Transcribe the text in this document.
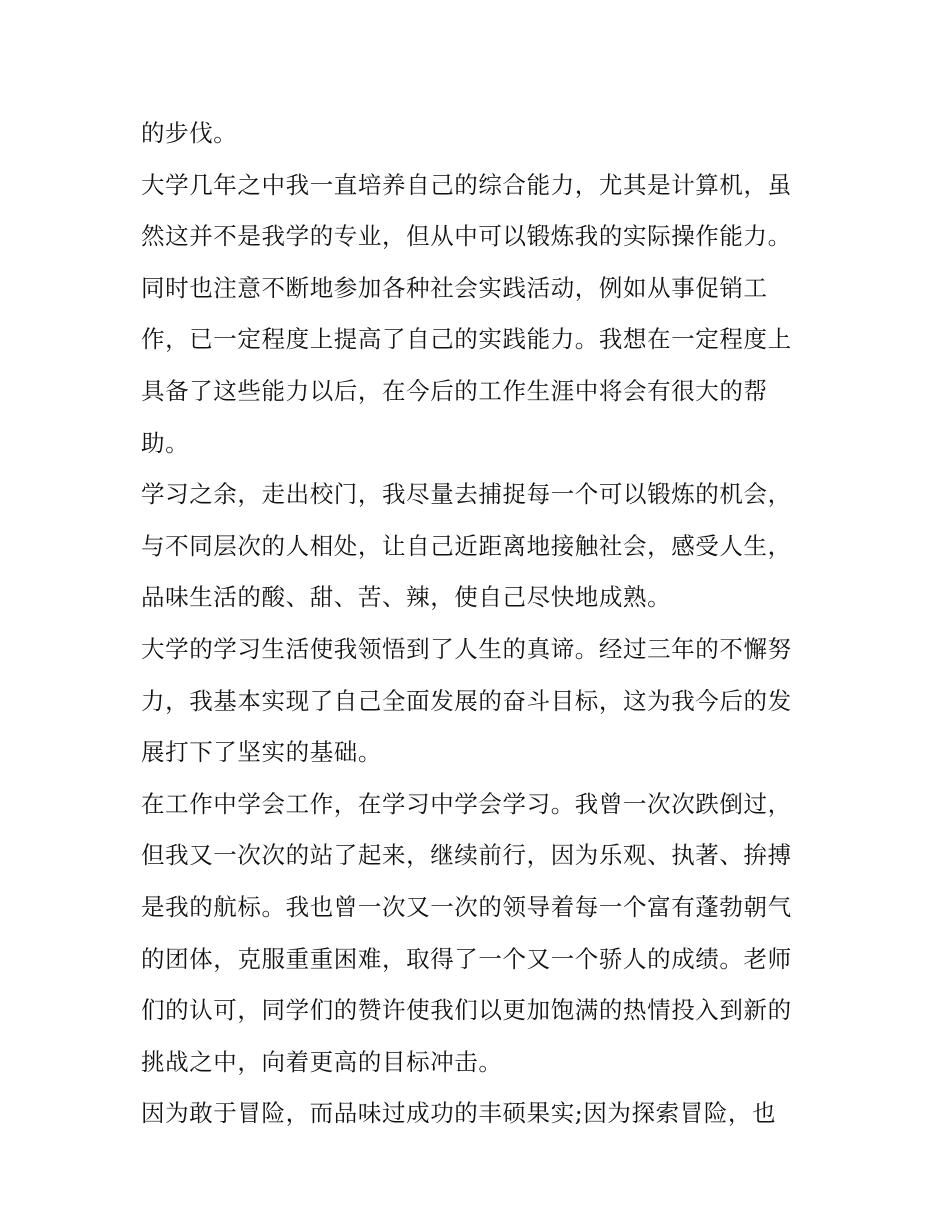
的步伐。
大学几年之中我一直培养自己的综合能力，尤其是计算机，虽
然这并不是我学的专业，但从中可以锻炼我的实际操作能力。
同时也注意不断地参加各种社会实践活动，例如从事促销工
作，已一定程度上提高了自己的实践能力。我想在一定程度上
具备了这些能力以后，在今后的工作生涯中将会有很大的帮
助。
学习之余，走出校门，我尽量去捕捉每一个可以锻炼的机会，
与不同层次的人相处，让自己近距离地接触社会，感受人生，
品味生活的酸、甜、苦、辣，使自己尽快地成熟。
大学的学习生活使我领悟到了人生的真谛。经过三年的不懈努
力，我基本实现了自己全面发展的奋斗目标，这为我今后的发
展打下了坚实的基础。
在工作中学会工作，在学习中学会学习。我曾一次次跌倒过，
但我又一次次的站了起来，继续前行，因为乐观、执著、拚搏
是我的航标。我也曾一次又一次的领导着每一个富有蓬勃朝气
的团体，克服重重困难，取得了一个又一个骄人的成绩。老师
们的认可，同学们的赞许使我们以更加饱满的热情投入到新的
挑战之中，向着更高的目标冲击。
因为敢于冒险，而品味过成功的丰硕果实;因为探索冒险，也
